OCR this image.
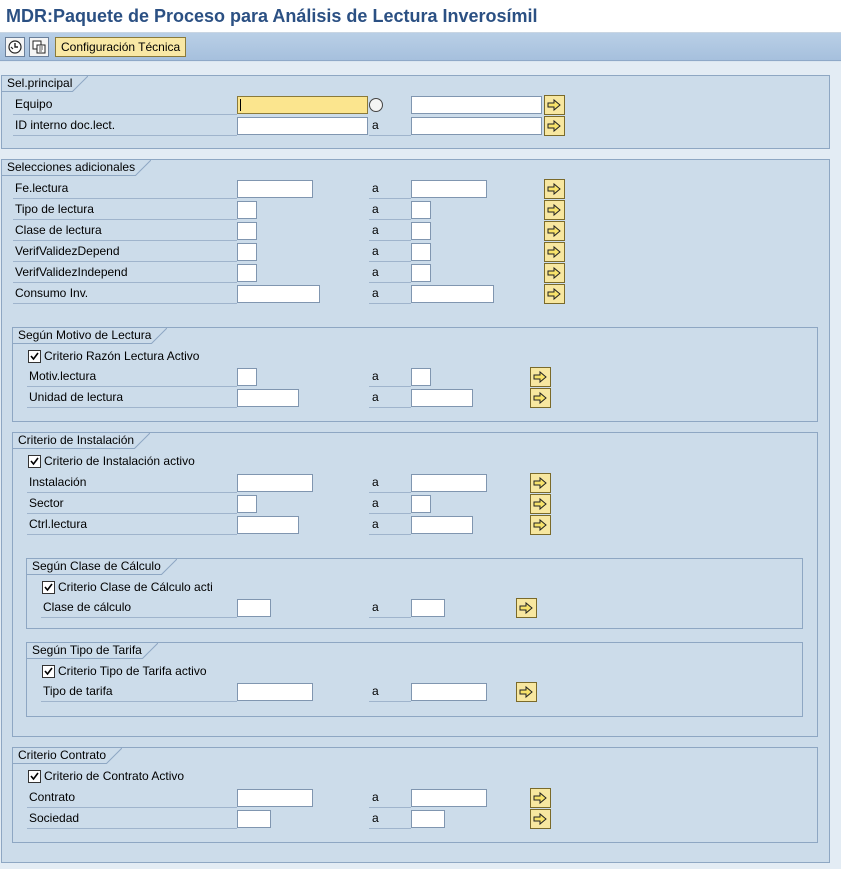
MDR:Paquete de Proceso para Análisis de Lectura Inverosímil
Configuración Técnica
Sel.principal
Equipo
ID interno doc.lect.	a
Selecciones adicionales
Fe.lectura	a
Tipo de lectura	a
Clase de lectura	a
VerifValidezDepend	a
VerifValidezIndepend	a
Consumo Inv.	a
Según Motivo de Lectura
Criterio Razón Lectura Activo
Motiv.lectura	a
Unidad de lectura	a
Criterio de Instalación
Criterio de Instalación activo
Instalación	a
Sector	a
Ctrl.lectura	a
Según Clase de Cálculo
Criterio Clase de Cálculo acti
Clase de cálculo	a
Según Tipo de Tarifa
Criterio Tipo de Tarifa activo
Tipo de tarifa	a
Criterio Contrato
Criterio de Contrato Activo
Contrato	a
Sociedad	a
